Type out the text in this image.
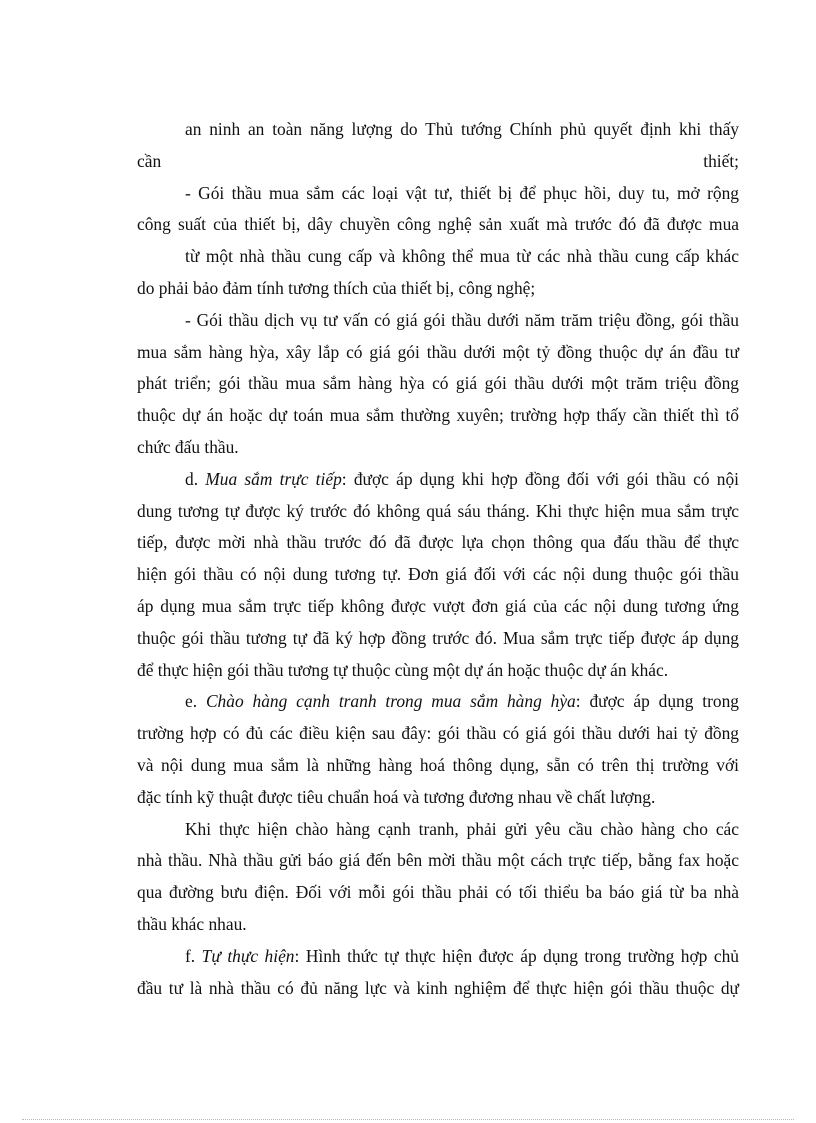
an ninh an toàn năng lượng do Thủ tướng Chính phủ quyết định khi thấy
cần	thiết;
- Gói thầu mua sắm các loại vật tư, thiết bị để phục hồi, duy tu, mở rộng
công suất của thiết bị, dây chuyền công nghệ sản xuất mà trước đó đã được mua
từ một nhà thầu cung cấp và không thể mua từ các nhà thầu cung cấp khác
do phải bảo đảm tính tương thích của thiết bị, công nghệ;
- Gói thầu dịch vụ tư vấn có giá gói thầu dưới năm trăm triệu đồng, gói thầu
mua sắm hàng hỳa, xây lắp có giá gói thầu dưới một tỷ đồng thuộc dự án đầu tư
phát triển; gói thầu mua sắm hàng hỳa có giá gói thầu dưới một trăm triệu đồng
thuộc dự án hoặc dự toán mua sắm thường xuyên; trường hợp thấy cần thiết thì tổ
chức đấu thầu.
d. Mua sắm trực tiếp: được áp dụng khi hợp đồng đối với gói thầu có nội
dung tương tự được ký trước đó không quá sáu tháng. Khi thực hiện mua sắm trực
tiếp, được mời nhà thầu trước đó đã được lựa chọn thông qua đấu thầu để thực
hiện gói thầu có nội dung tương tự. Đơn giá đối với các nội dung thuộc gói thầu
áp dụng mua sắm trực tiếp không được vượt đơn giá của các nội dung tương ứng
thuộc gói thầu tương tự đã ký hợp đồng trước đó. Mua sắm trực tiếp được áp dụng
để thực hiện gói thầu tương tự thuộc cùng một dự án hoặc thuộc dự án khác.
e. Chào hàng cạnh tranh trong mua sắm hàng hỳa: được áp dụng trong
trường hợp có đủ các điều kiện sau đây: gói thầu có giá gói thầu dưới hai tỷ đồng
và nội dung mua sắm là những hàng hoá thông dụng, sẵn có trên thị trường với
đặc tính kỹ thuật được tiêu chuẩn hoá và tương đương nhau về chất lượng.
Khi thực hiện chào hàng cạnh tranh, phải gửi yêu cầu chào hàng cho các
nhà thầu. Nhà thầu gửi báo giá đến bên mời thầu một cách trực tiếp, bằng fax hoặc
qua đường bưu điện. Đối với mỗi gói thầu phải có tối thiểu ba báo giá từ ba nhà
thầu khác nhau.
f. Tự thực hiện: Hình thức tự thực hiện được áp dụng trong trường hợp chủ
đầu tư là nhà thầu có đủ năng lực và kinh nghiệm để thực hiện gói thầu thuộc dự
